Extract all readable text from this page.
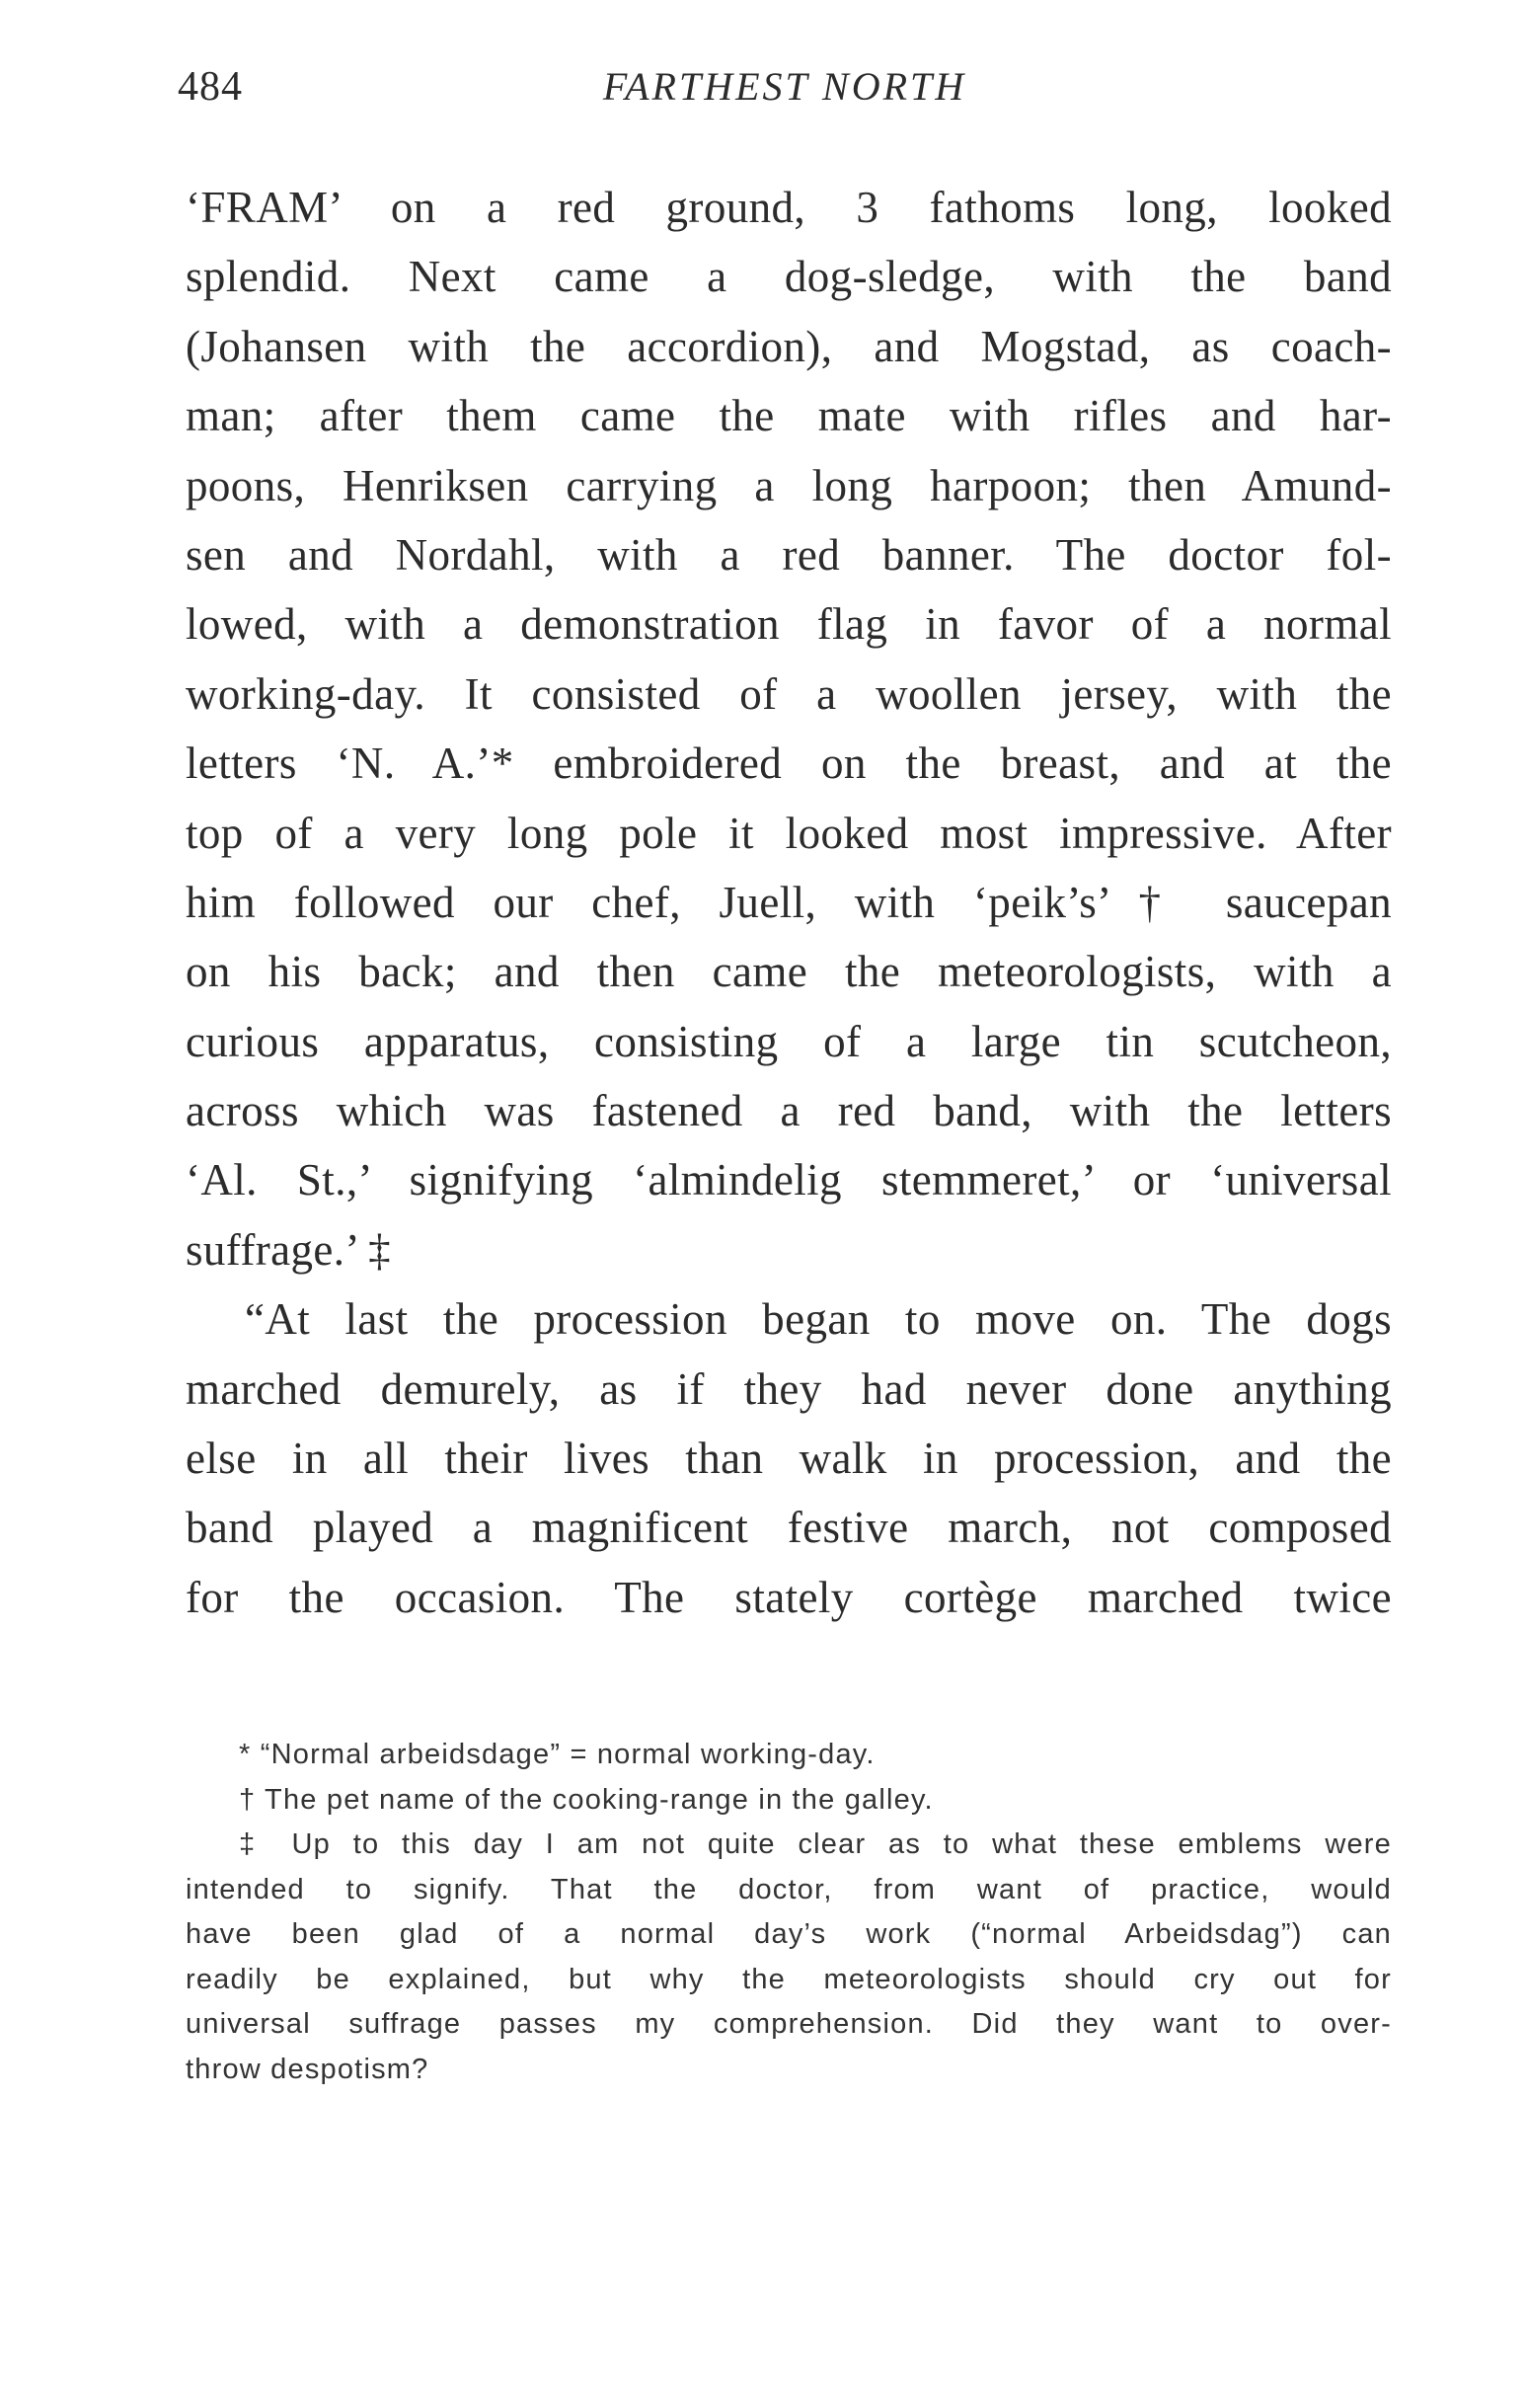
484	FARTHEST NORTH
‘FRAM’ on a red ground, 3 fathoms long, looked
splendid. Next came a dog-sledge, with the band
(Johansen with the accordion), and Mogstad, as coach-
man; after them came the mate with rifles and har-
poons, Henriksen carrying a long harpoon; then Amund-
sen and Nordahl, with a red banner. The doctor fol-
lowed, with a demonstration flag in favor of a normal
working-day. It consisted of a woollen jersey, with the
letters ‘N. A.’* embroidered on the breast, and at the
top of a very long pole it looked most impressive. After
him followed our chef, Juell, with ‘peik’s’† saucepan
on his back; and then came the meteorologists, with a
curious apparatus, consisting of a large tin scutcheon,
across which was fastened a red band, with the letters
‘Al. St.,’ signifying ‘almindelig stemmeret,’ or ‘universal
suffrage.’ ‡
“At last the procession began to move on. The dogs
marched demurely, as if they had never done anything
else in all their lives than walk in procession, and the
band played a magnificent festive march, not composed
for the occasion. The stately cortège marched twice
* “Normal arbeidsdage” = normal working-day.
† The pet name of the cooking-range in the galley.
‡ Up to this day I am not quite clear as to what these emblems were
intended to signify. That the doctor, from want of practice, would
have been glad of a normal day’s work (“normal Arbeidsdag”) can
readily be explained, but why the meteorologists should cry out for
universal suffrage passes my comprehension. Did they want to over-
throw despotism?
